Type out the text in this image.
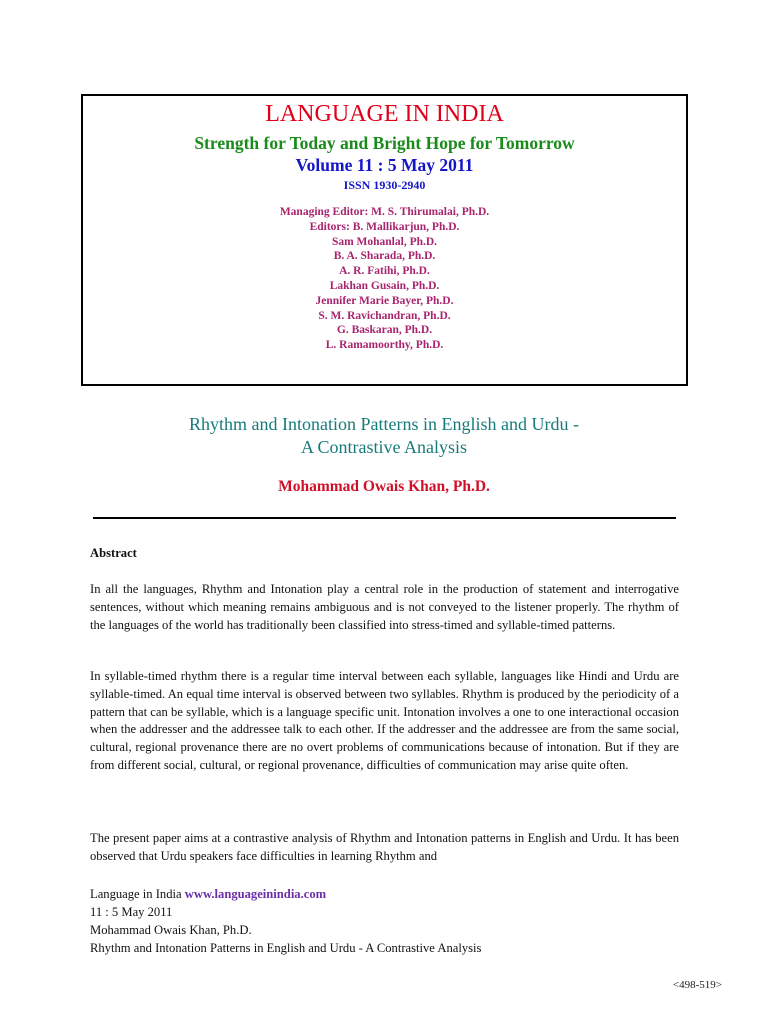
LANGUAGE IN INDIA
Strength for Today and Bright Hope for Tomorrow
Volume 11 : 5 May 2011
ISSN 1930-2940
Managing Editor: M. S. Thirumalai, Ph.D.
Editors: B. Mallikarjun, Ph.D.
Sam Mohanlal, Ph.D.
B. A. Sharada, Ph.D.
A. R. Fatihi, Ph.D.
Lakhan Gusain, Ph.D.
Jennifer Marie Bayer, Ph.D.
S. M. Ravichandran, Ph.D.
G. Baskaran, Ph.D.
L. Ramamoorthy, Ph.D.
Rhythm and Intonation Patterns in English and Urdu -
A Contrastive Analysis
Mohammad Owais Khan, Ph.D.
Abstract
In all the languages, Rhythm and Intonation play a central role in the production of statement and interrogative sentences, without which meaning remains ambiguous and is not conveyed to the listener properly. The rhythm of the languages of the world has traditionally been classified into stress-timed and syllable-timed patterns.
In syllable-timed rhythm there is a regular time interval between each syllable, languages like Hindi and Urdu are syllable-timed. An equal time interval is observed between two syllables. Rhythm is produced by the periodicity of a pattern that can be syllable, which is a language specific unit. Intonation involves a one to one interactional occasion when the addresser and the addressee talk to each other. If the addresser and the addressee are from the same social, cultural, regional provenance there are no overt problems of communications because of intonation. But if they are from different social, cultural, or regional provenance, difficulties of communication may arise quite often.
The present paper aims at a contrastive analysis of Rhythm and Intonation patterns in English and Urdu. It has been observed that Urdu speakers face difficulties in learning Rhythm and
Language in India www.languageinindia.com
11 : 5 May 2011
Mohammad Owais Khan, Ph.D.
Rhythm and Intonation Patterns in English and Urdu - A Contrastive Analysis
<498-519>
